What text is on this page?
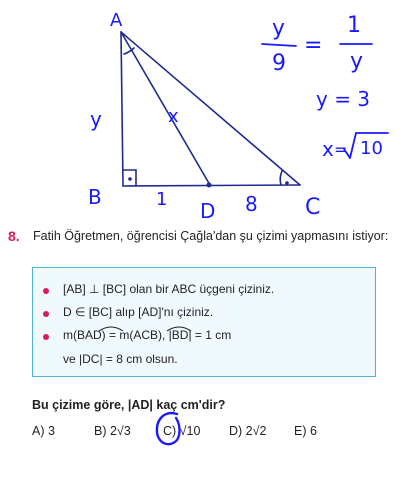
A
B	C
D
y	x
1	8
y
9
=
1
y
y = 3
x = 10
8. Fatih Öğretmen, öğrencisi Çağla'dan şu çizimi yapmasını istiyor:
[AB] ⊥ [BC] olan bir ABC üçgeni çiziniz.
D ∈ [BC] alıp [AD]'nı çiziniz.
m(BAD) = m(ACB), |BD| = 1 cm
ve |DC| = 8 cm olsun.
Bu çizime göre, |AD| kaç cm'dir?
A) 3	B) 2√3	C) √10 D) 2√2 E) 6
